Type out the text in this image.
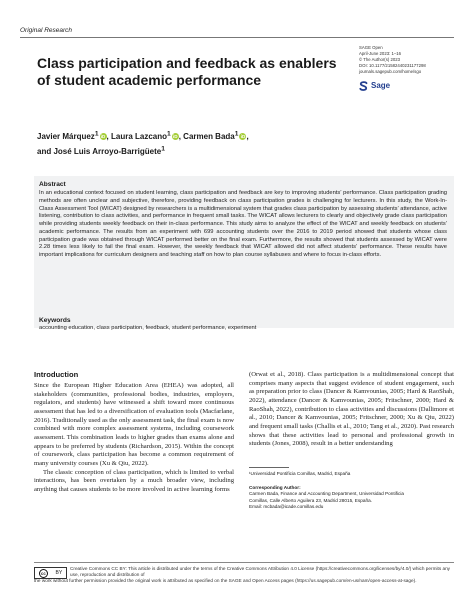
Original Research
SAGE Open
April-June 2023: 1–16
© The Author(s) 2023
DOI: 10.1177/21582440231177298
journals.sagepub.com/home/sgo
Sage
Class participation and feedback as enablers of student academic performance
Javier Márquez$^1$ iD, Laura Lazcano$^1$ iD, Carmen Bada$^1$ iD,
and José Luis Arroyo-Barrigüete$^1$
Abstract
In an educational context focused on student learning, class participation and feedback are key to improving students’ performance. Class participation grading methods are often unclear and subjective, therefore, providing feedback on class participation grades is challenging for lecturers. In this study, the Work-In-Class Assessment Tool (WICAT) designed by researchers is a multidimensional system that grades class participation by assessing students’ attendance, active listening, contribution to class activities, and performance in frequent small tasks. The WICAT allows lecturers to clearly and objectively grade class participation while providing students weekly feedback on their in-class performance. This study aims to analyze the effect of the WICAT and weekly feedback on students’ academic performance. The results from an experiment with 699 accounting students over the 2016 to 2019 period showed that students whose class participation grade was obtained through WICAT performed better on the final exam. Furthermore, the results showed that students assessed by WICAT were 2.28 times less likely to fail the final exam. However, the weekly feedback that WICAT allowed did not affect students’ performance. These results have important implications for curriculum designers and teaching staff on how to plan course syllabuses and where to focus in-class efforts.
Keywords
accounting education, class participation, feedback, student performance, experiment
Introduction

Since the European Higher Education Area (EHEA) was adopted, all stakeholders (communities, professional bodies, industries, employers, regulators, and students) have witnessed a shift toward more continuous assessment that has led to a diversification of evaluation tools (Macfarlane, 2016). Traditionally used as the only assessment task, the final exam is now combined with more complex assessment systems, including coursework assessment. This combination leads to higher grades than exams alone and appears to be preferred by students (Richardson, 2015). Within the concept of coursework, class participation has become a common requirement of many university courses (Xu & Qiu, 2022).

The classic conception of class participation, which is limited to verbal interactions, has been overtaken by a much broader view, including anything that causes students to be more involved in active learning forms

(Orwat et al., 2018). Class participation is a multidimensional concept that comprises many aspects that suggest evidence of student engagement, such as preparation prior to class (Dancer & Kamvounias, 2005; Hard & RaoShah, 2022), attendance (Dancer & Kamvounias, 2005; Fritschner, 2000; Hard & RaoShah, 2022), contribution to class activities and discussions (Dallimore et al., 2010; Dancer & Kamvounias, 2005; Fritschner, 2000; Xu & Qiu, 2022) and frequent small tasks (Challis et al., 2010; Tang et al., 2020). Past research shows that these activities lead to personal and professional growth in students (Jones, 2008), result in a better understanding

¹Universidad Pontificia Comillas, Madrid, España
Corresponding Author:
Carmen Bada, Finance and Accounting Department, Universidad Pontificia
Comillas, Calle Alberto Aguilera 23, Madrid 28015, España.
Email: mcbada@icade.comillas.edu
cc	BY
Creative Commons CC BY: This article is distributed under the terms of the Creative Commons Attribution 4.0 License (https://creativecommons.org/licenses/by/4.0/) which permits any use, reproduction and distribution of
the work without further permission provided the original work is attributed as specified on the SAGE and Open Access pages (https://us.sagepub.com/en-us/nam/open-access-at-sage).
